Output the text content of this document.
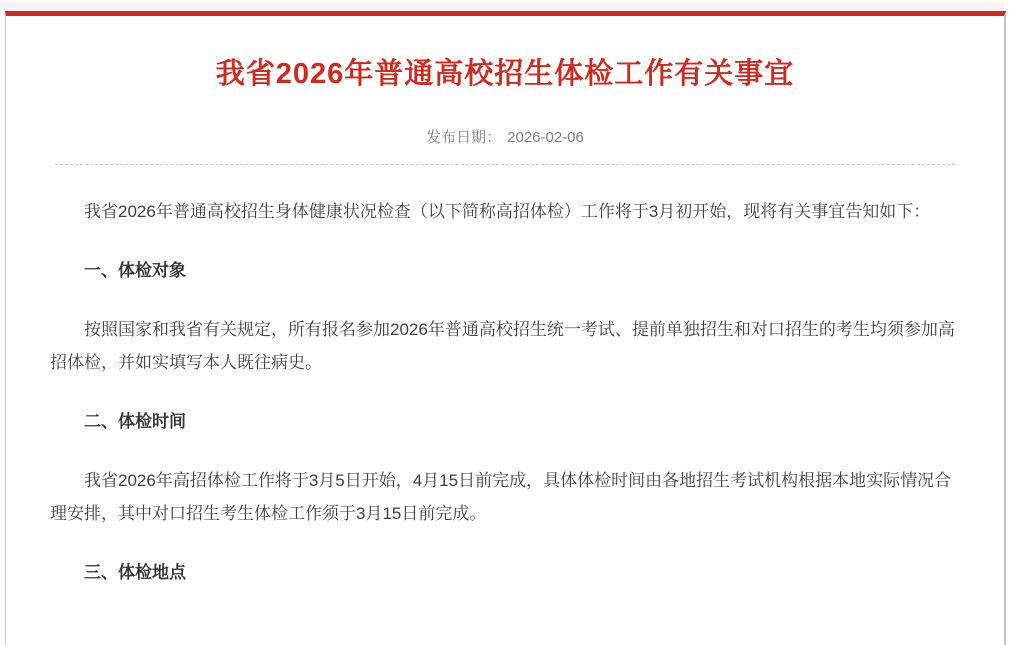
我省2026年普通高校招生体检工作有关事宜
发布日期： 2026-02-06

我省2026年普通高校招生身体健康状况检查（以下简称高招体检）工作将于3月初开始，现将有关事宜告知如下：

一、体检对象

按照国家和我省有关规定，所有报名参加2026年普通高校招生统一考试、提前单独招生和对口招生的考生均须参加高招体检，并如实填写本人既往病史。

二、体检时间

我省2026年高招体检工作将于3月5日开始，4月15日前完成，具体体检时间由各地招生考试机构根据本地实际情况合理安排，其中对口招生考生体检工作须于3月15日前完成。

三、体检地点
